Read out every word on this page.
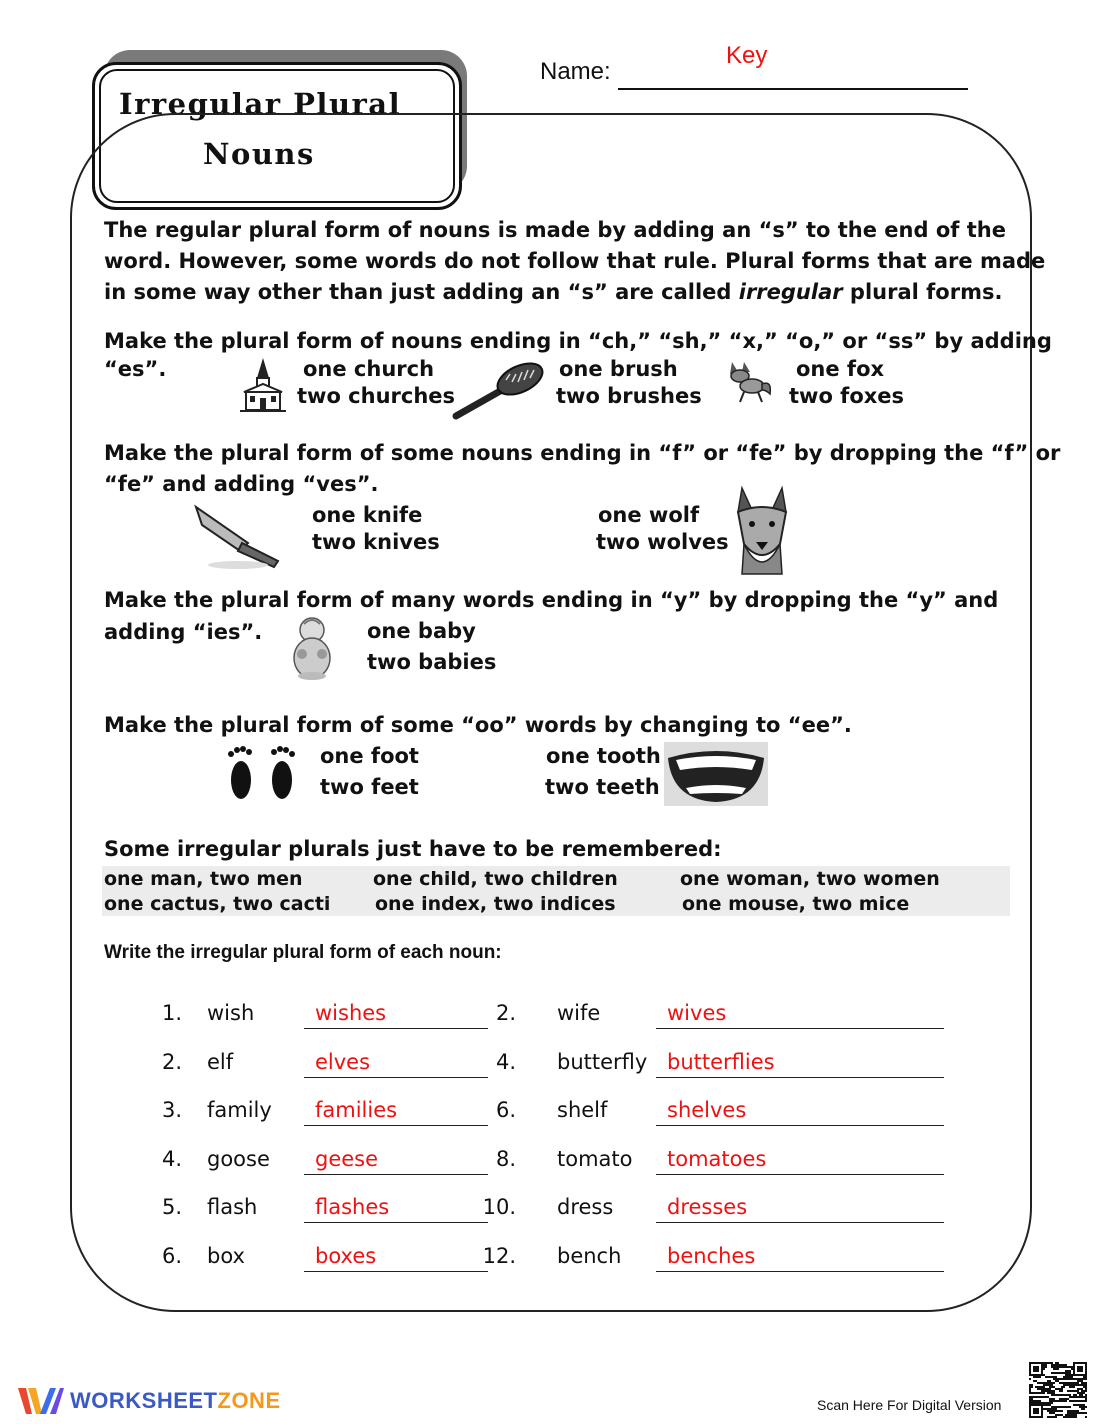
Irregular Plural
Nouns
Name:
Key
The regular plural form of nouns is made by adding an “s” to the end of the
word. However, some words do not follow that rule. Plural forms that are made
in some way other than just adding an “s” are called irregular plural forms.
Make the plural form of nouns ending in “ch,” “sh,” “x,” “o,” or “ss” by adding
“es”.	one church
two churches
one brush
two brushes
one fox
two foxes
Make the plural form of some nouns ending in “f” or “fe” by dropping the “f” or
“fe” and adding “ves”.
one knife
two knives
one wolf
two wolves
Make the plural form of many words ending in “y” by dropping the “y” and
adding “ies”.	one baby
two babies
Make the plural form of some “oo” words by changing to “ee”.
one foot
two feet
one tooth
two teeth
Some irregular plurals just have to be remembered:
one man, two men	one child, two children	one woman, two women
one cactus, two cacti one index, two indices	one mouse, two mice
Write the irregular plural form of each noun:
1. wish	wishes
2. elf	elves
3. family families
4. goose geese
5. flash	flashes
6. box	boxes
2. wife	wives
4. butterfly butterflies
6. shelf	shelves
8. tomato tomatoes
10. dress	dresses
12. bench benches
WORKSHEETZONE	Scan Here For Digital Version
